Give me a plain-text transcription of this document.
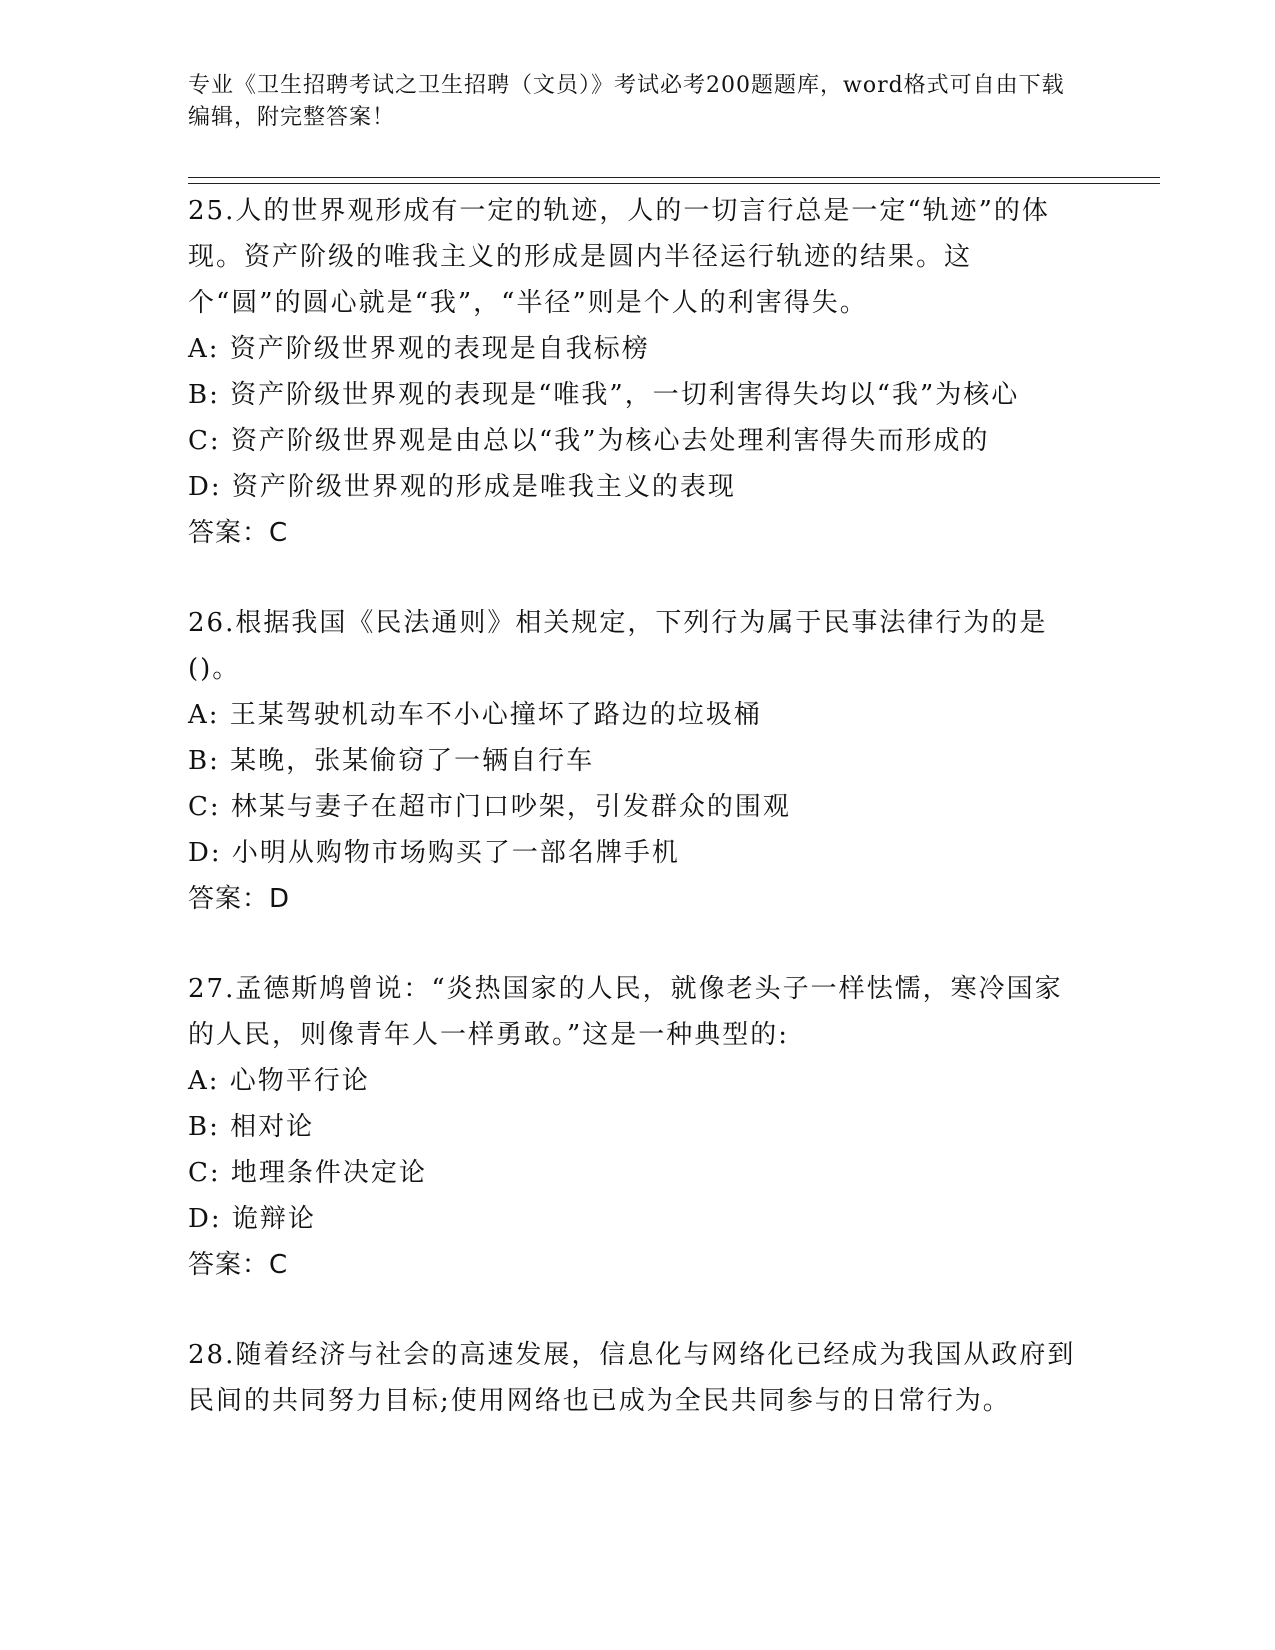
专业《卫生招聘考试之卫生招聘（文员）》考试必考200题题库，word格式可自由下载编辑，附完整答案！
25.人的世界观形成有一定的轨迹，人的一切言行总是一定“轨迹”的体现。资产阶级的唯我主义的形成是圆内半径运行轨迹的结果。这个“圆”的圆心就是“我”，“半径”则是个人的利害得失。
A: 资产阶级世界观的表现是自我标榜
B: 资产阶级世界观的表现是“唯我”，一切利害得失均以“我”为核心
C: 资产阶级世界观是由总以“我”为核心去处理利害得失而形成的
D: 资产阶级世界观的形成是唯我主义的表现
答案：C
26.根据我国《民法通则》相关规定，下列行为属于民事法律行为的是()。
A: 王某驾驶机动车不小心撞坏了路边的垃圾桶
B: 某晚，张某偷窃了一辆自行车
C: 林某与妻子在超市门口吵架，引发群众的围观
D: 小明从购物市场购买了一部名牌手机
答案：D
27.孟德斯鸠曾说：“炎热国家的人民，就像老头子一样怯懦，寒冷国家的人民，则像青年人一样勇敢。”这是一种典型的:
A: 心物平行论
B: 相对论
C: 地理条件决定论
D: 诡辩论
答案：C
28.随着经济与社会的高速发展，信息化与网络化已经成为我国从政府到民间的共同努力目标;使用网络也已成为全民共同参与的日常行为。
